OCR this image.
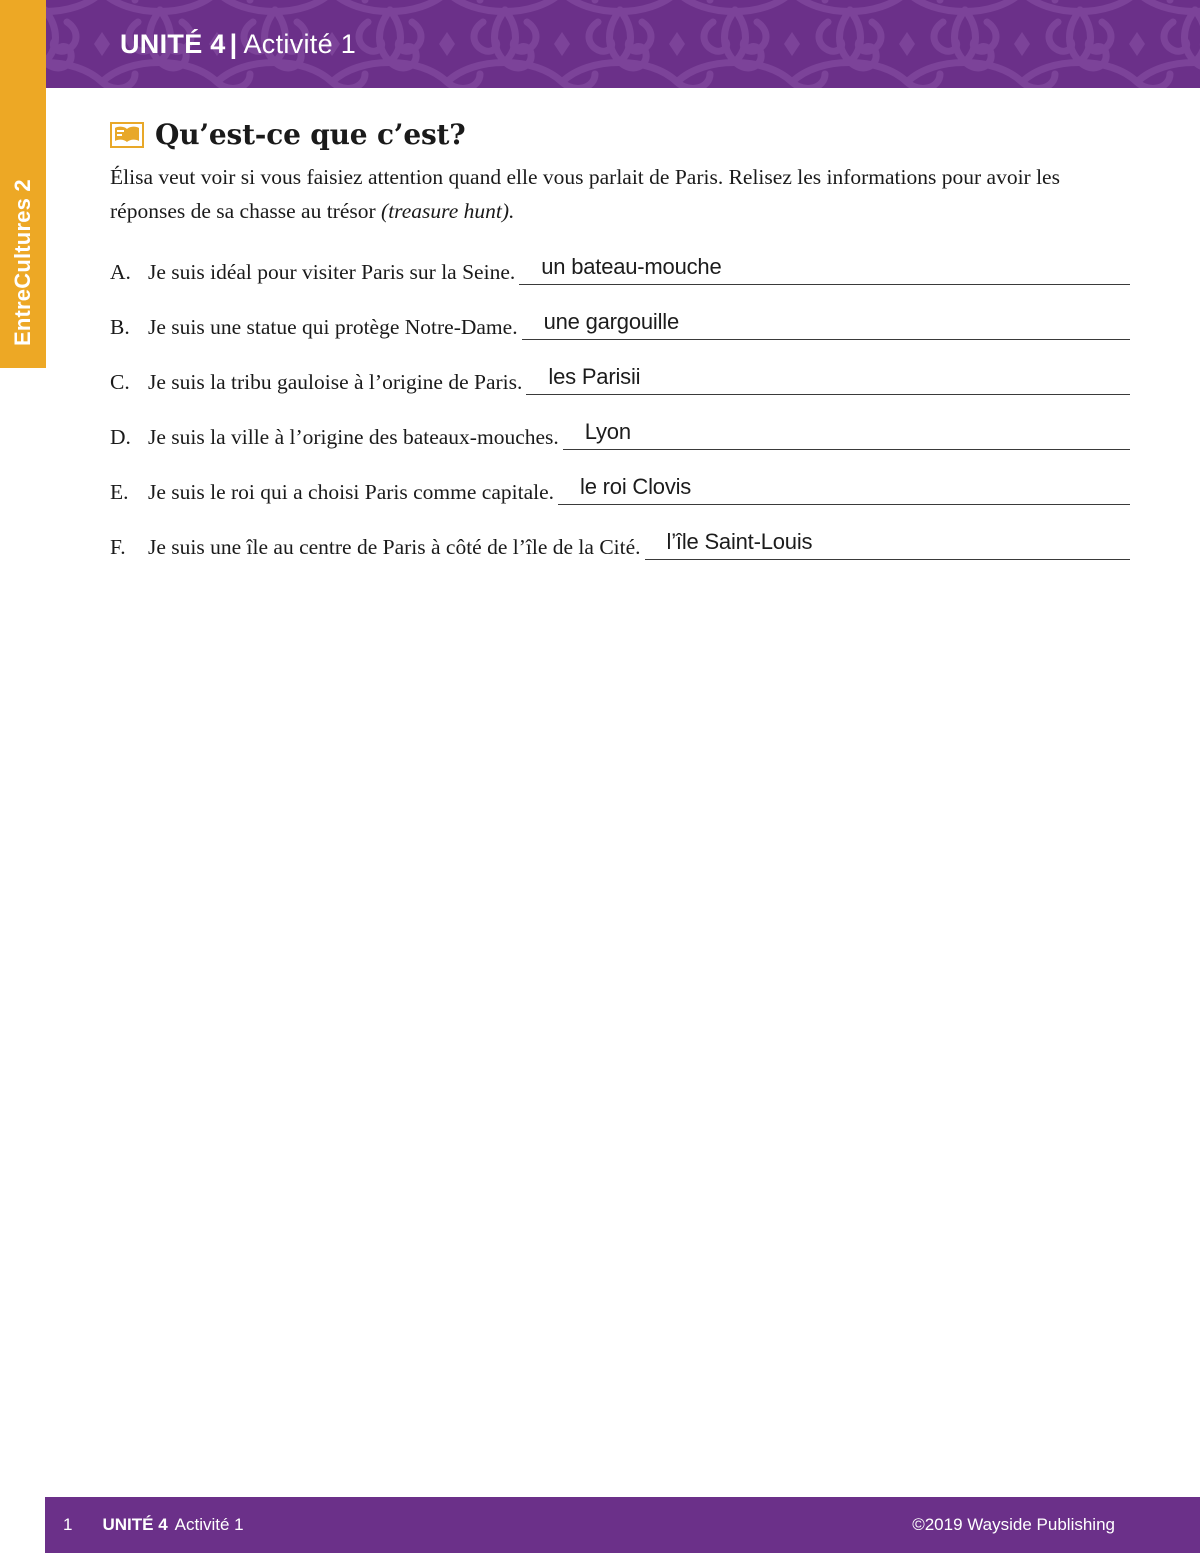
UNITÉ 4 | Activité 1
EntreCultures 2
Qu’est-ce que c’est?

Élisa veut voir si vous faisiez attention quand elle vous parlait de Paris. Relisez les informations pour avoir les réponses de sa chasse au trésor (treasure hunt).

A. Je suis idéal pour visiter Paris sur la Seine. un bateau-mouche
B. Je suis une statue qui protège Notre-Dame. une gargouille
C. Je suis la tribu gauloise à l’origine de Paris. les Parisii
D. Je suis la ville à l’origine des bateaux-mouches. Lyon
E. Je suis le roi qui a choisi Paris comme capitale. le roi Clovis
F.	Je suis une île au centre de Paris à côté de l’île de la Cité. l’île Saint-Louis
1 UNITÉ 4 Activité 1	©2019 Wayside Publishing
